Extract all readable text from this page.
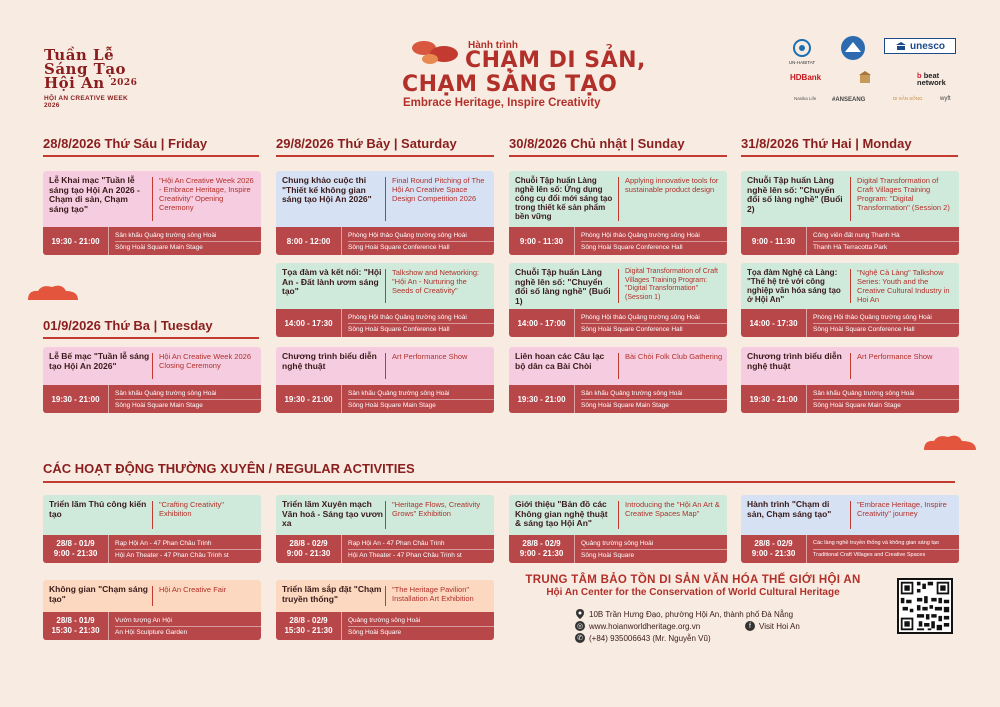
Tuần Lễ
Sáng Tạo
Hội An $^{2026}$
HỘI AN CREATIVE WEEK 2026
Hành trình
CHẠM DI SẢN,
CHẠM SÁNG TẠO
Embrace Heritage, Inspire Creativity
UN-HABITAT
unesco
HDBank	b beat network
Nasika Life	#ANSEANG	DI SẢN SỐNG	wyft
28/8/2026 Thứ Sáu | Friday	29/8/2026 Thứ Bảy | Saturday	30/8/2026 Chủ nhật | Sunday	31/8/2026 Thứ Hai | Monday
01/9/2026 Thứ Ba | Tuesday
Lễ Khai mạc "Tuần lễ sáng tạo Hội An 2026 - Chạm di sản, Chạm sáng tạo"
"Hội An Creative Week 2026 - Embrace Heritage, Inspire Creativity" Opening Ceremony
19:30 - 21:00
Sân khấu Quảng trường sông Hoài
Sông Hoài Square Main Stage
Lễ Bế mạc "Tuần lễ sáng tạo Hội An 2026"
Hội An Creative Week 2026 Closing Ceremony
19:30 - 21:00
Sân khấu Quảng trường sông Hoài
Sông Hoài Square Main Stage
Chung khảo cuộc thi "Thiết kế không gian sáng tạo Hội An 2026"
Final Round Pitching of The Hội An Creative Space Design Competition 2026
8:00 - 12:00
Phòng Hội thảo Quảng trường sông Hoài
Sông Hoài Square Conference Hall
Tọa đàm và kết nối: "Hội An - Đất lành ươm sáng tạo"
Talkshow and Networking: "Hội An - Nurturing the Seeds of Creativity"
14:00 - 17:30
Phòng Hội thảo Quảng trường sông Hoài
Sông Hoài Square Conference Hall
Chương trình biểu diễn nghệ thuật
Art Performance Show
19:30 - 21:00
Sân khấu Quảng trường sông Hoài
Sông Hoài Square Main Stage
Chuỗi Tập huấn Làng nghề lên số: Ứng dụng công cụ đổi mới sáng tạo trong thiết kế sản phẩm bền vững
Applying innovative tools for sustainable product design
9:00 - 11:30
Phòng Hội thảo Quảng trường sông Hoài
Sông Hoài Square Conference Hall
Chuỗi Tập huấn Làng nghề lên số: "Chuyển đổi số làng nghề" (Buổi 1)
Digital Transformation of Craft Villages Training Program: "Digital Transformation" (Session 1)
14:00 - 17:00
Phòng Hội thảo Quảng trường sông Hoài
Sông Hoài Square Conference Hall
Liên hoan các Câu lạc bộ dân ca Bài Chòi
Bài Chòi Folk Club Gathering
19:30 - 21:00
Sân khấu Quảng trường sông Hoài
Sông Hoài Square Main Stage
Chuỗi Tập huấn Làng nghề lên số: "Chuyển đổi số làng nghề" (Buổi 2)
Digital Transformation of Craft Villages Training Program: "Digital Transformation" (Session 2)
9:00 - 11:30
Công viên đất nung Thanh Hà
Thanh Hà Terracotta Park
Tọa đàm Nghệ cà Làng: "Thế hệ trẻ với công nghiệp văn hóa sáng tạo ở Hội An"
"Nghệ Cà Làng" Talkshow Series: Youth and the Creative Cultural Industry in Hoi An
14:00 - 17:30
Phòng Hội thảo Quảng trường sông Hoài
Sông Hoài Square Conference Hall
Chương trình biểu diễn nghệ thuật
Art Performance Show
19:30 - 21:00
Sân khấu Quảng trường sông Hoài
Sông Hoài Square Main Stage
CÁC HOẠT ĐỘNG THƯỜNG XUYÊN / REGULAR ACTIVITIES
Triển lãm Thủ công kiến tạo
"Crafting Creativity" Exhibition
28/8 - 01/9
9:00 - 21:30
Rạp Hội An - 47 Phan Châu Trinh
Hội An Theater - 47 Phan Châu Trinh st
Triển lãm Xuyên mạch Văn hoá - Sáng tạo vươn xa
"Heritage Flows, Creativity Grows" Exhibition
28/8 - 02/9
9:00 - 21:30
Rạp Hội An - 47 Phan Châu Trinh
Hội An Theater - 47 Phan Châu Trinh st
Giới thiệu "Bản đồ các Không gian nghệ thuật & sáng tạo Hội An"
Introducing the "Hội An Art & Creative Spaces Map"
28/8 - 02/9
9:00 - 21:30
Quảng trường sông Hoài
Sông Hoài Square
Hành trình "Chạm di sản, Chạm sáng tạo"
"Embrace Heritage, Inspire Creativity" journey
28/8 - 02/9
9:00 - 21:30
Các làng nghề truyền thống và không gian sáng tạo
Traditional Craft Villages and Creative Spaces
Không gian "Chạm sáng tạo"
Hội An Creative Fair
28/8 - 01/9
15:30 - 21:30
Vườn tượng An Hội
An Hội Sculpture Garden
Triển lãm sắp đặt "Chạm truyền thống"
"The Heritage Pavilion" Installation Art Exhibition
28/8 - 02/9
15:30 - 21:30
Quảng trường sông Hoài
Sông Hoài Square
TRUNG TÂM BẢO TỒN DI SẢN VĂN HÓA THẾ GIỚI HỘI AN
Hội An Center for the Conservation of World Cultural Heritage
10B Trần Hưng Đạo, phường Hội An, thành phố Đà Nẵng
◎ www.hoianworldheritage.org.vn	f	Visit Hoi An
✆ (+84) 935006643 (Mr. Nguyễn Vũ)
